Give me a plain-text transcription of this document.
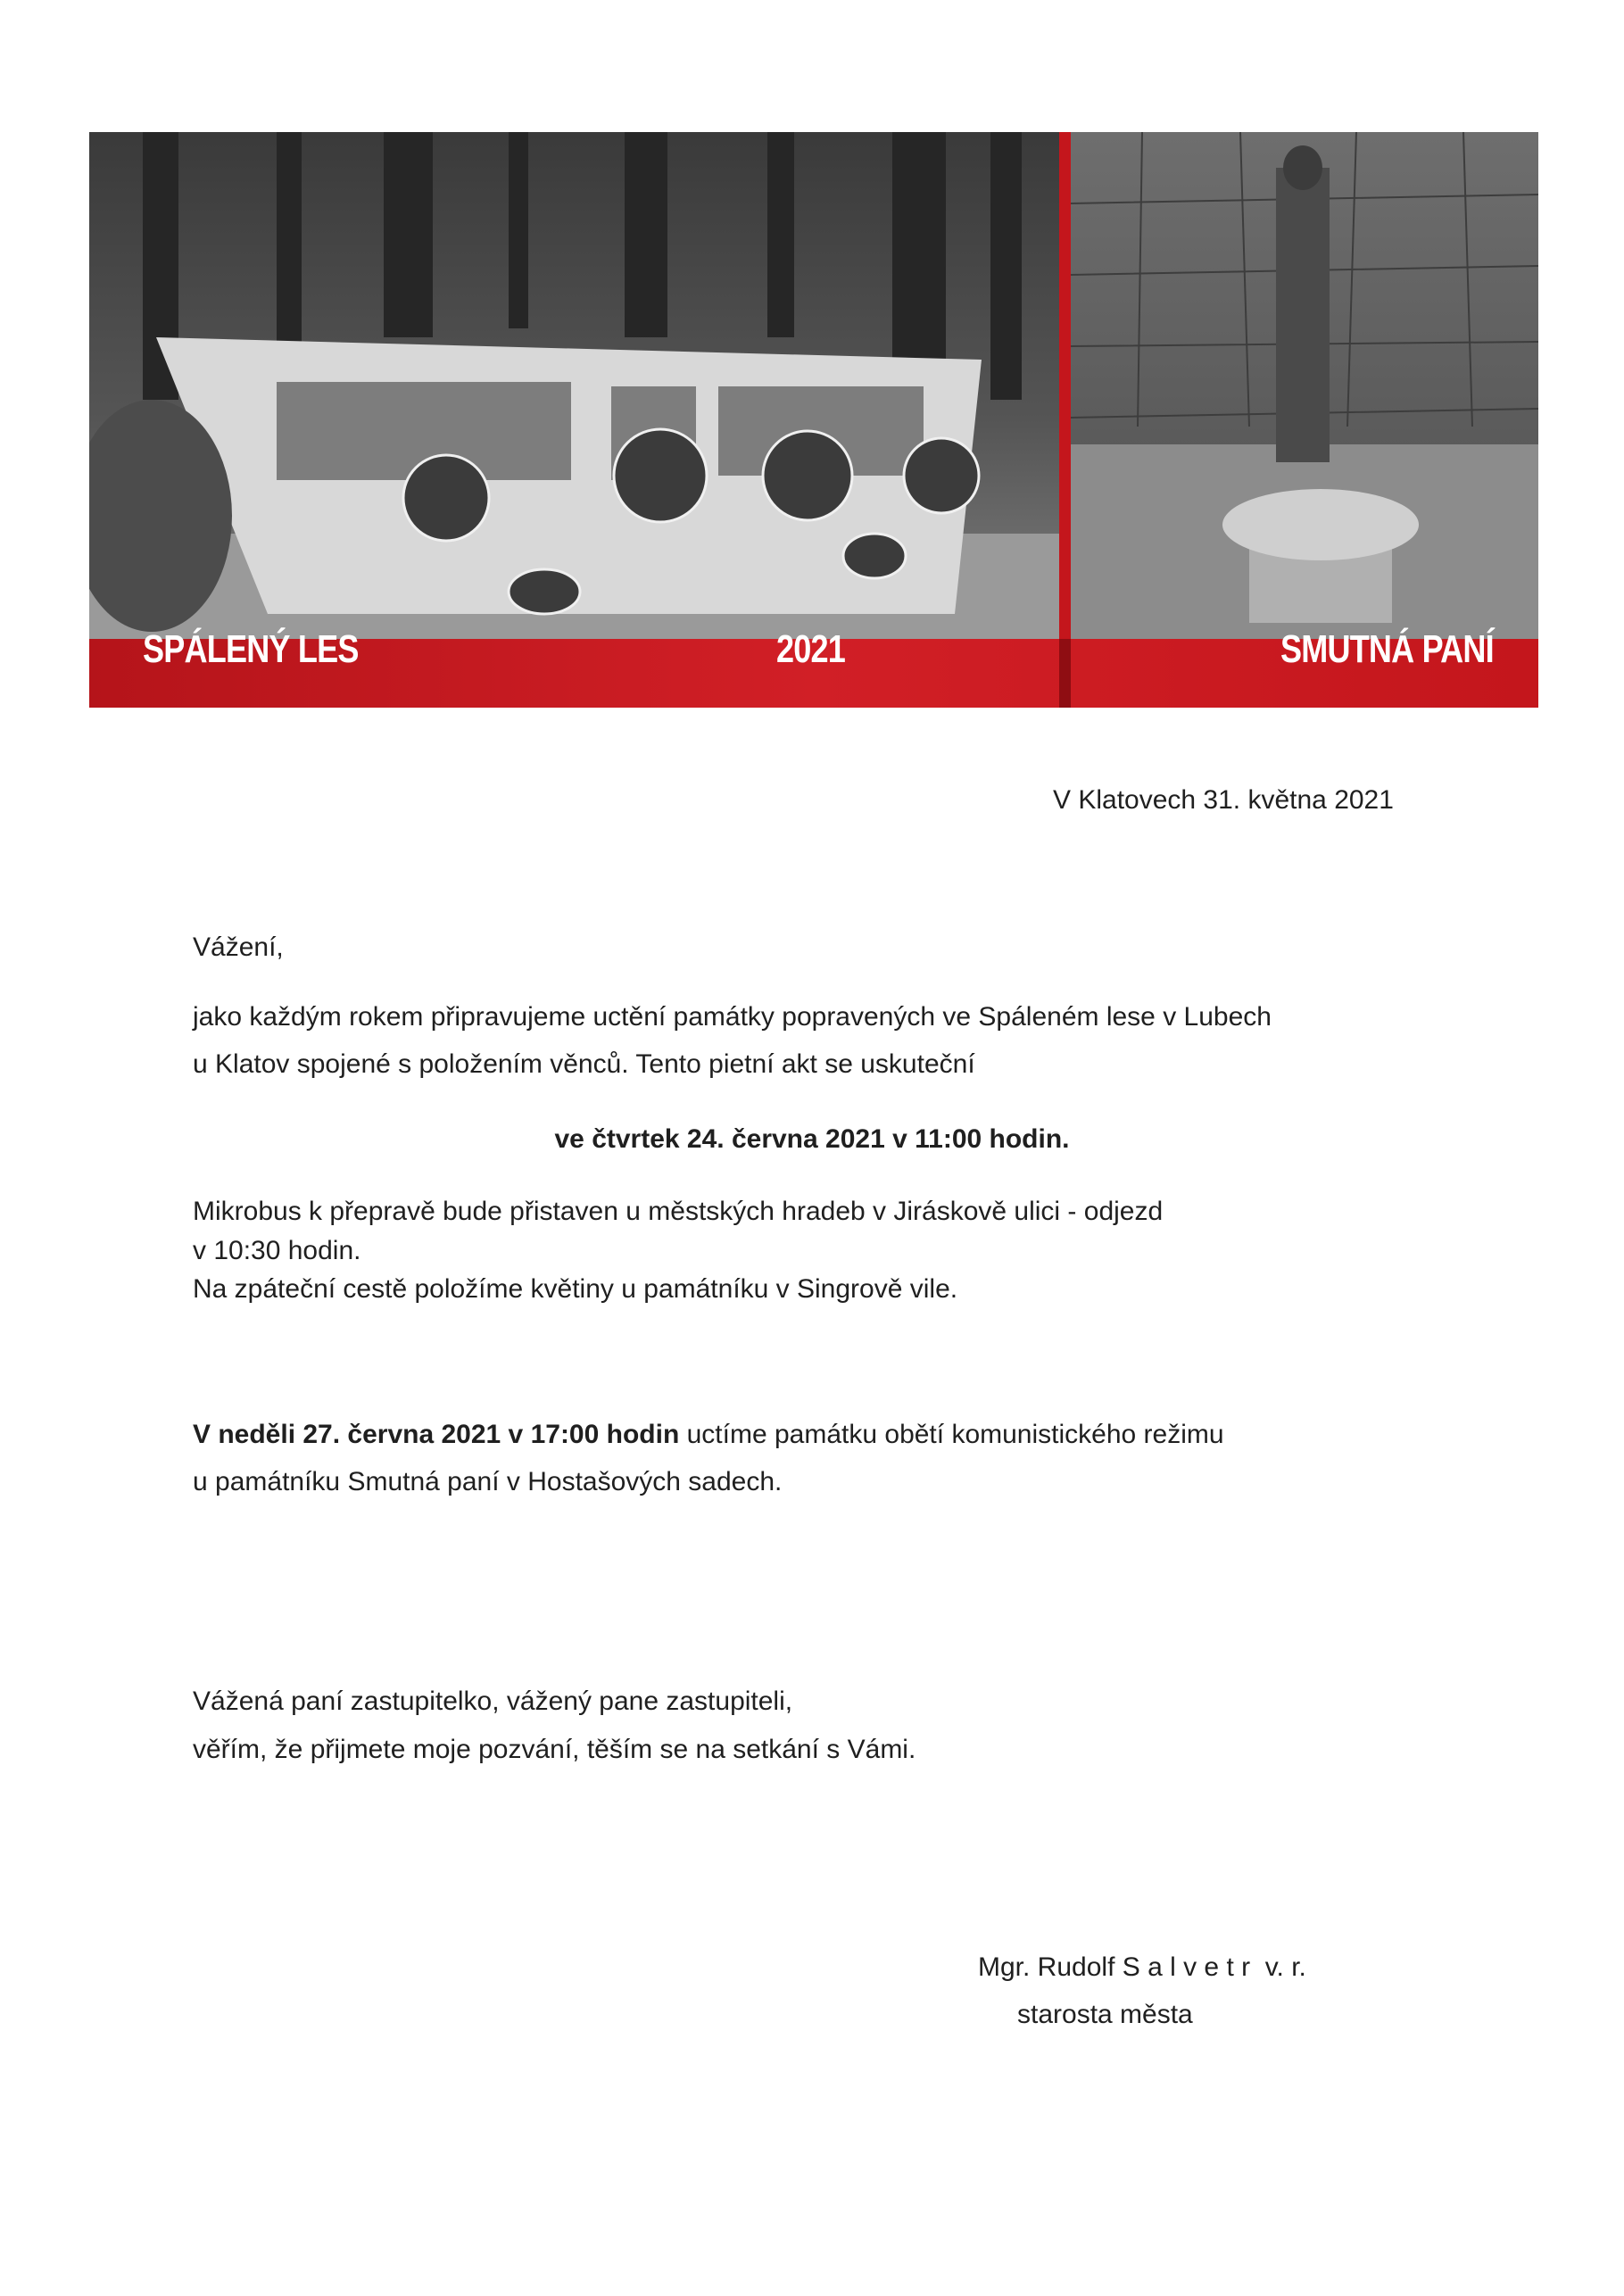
SPÁLENÝ LES	2021	SMUTNÁ PANÍ
V Klatovech 31. května 2021
Vážení,
jako každým rokem připravujeme uctění památky popravených ve Spáleném lese v Lubech
u Klatov spojené s položením věnců. Tento pietní akt se uskuteční
ve čtvrtek 24. června 2021 v 11:00 hodin.
Mikrobus k přepravě bude přistaven u městských hradeb v Jiráskově ulici - odjezd
v 10:30 hodin.
Na zpáteční cestě položíme květiny u památníku v Singrově vile.
V neděli 27. června 2021 v 17:00 hodin uctíme památku obětí komunistického režimu
u památníku Smutná paní v Hostašových sadech.
Vážená paní zastupitelko, vážený pane zastupiteli,
věřím, že přijmete moje pozvání, těším se na setkání s Vámi.
Mgr. Rudolf S a l v e t r  v. r.
starosta města
